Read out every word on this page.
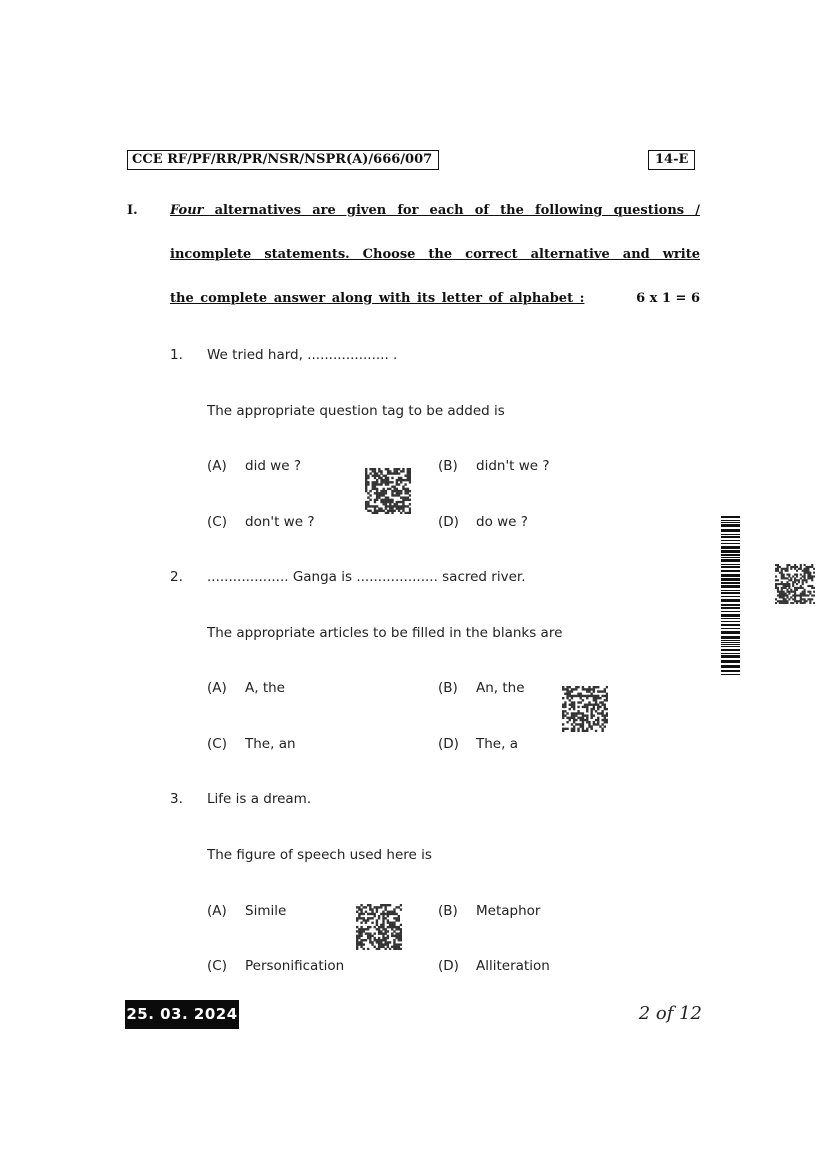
CCE RF/PF/RR/PR/NSR/NSPR(A)/666/007	14-E
I. Four alternatives are given for each of the following questions /
incomplete statements. Choose the correct alternative and write
the complete answer along with its letter of alphabet :	6 x 1 = 6
1. We tried hard, ................... .
The appropriate question tag to be added is
(A) did we ?	(B) didn't we ?
(C) don't we ?	(D) do we ?
2. ................... Ganga is ................... sacred river.
The appropriate articles to be filled in the blanks are
(A) A, the	(B) An, the
(C) The, an	(D) The, a
3. Life is a dream.
The figure of speech used here is
(A) Simile	(B) Metaphor
(C) Personification	(D) Alliteration
25. 03. 2024	2 of 12
